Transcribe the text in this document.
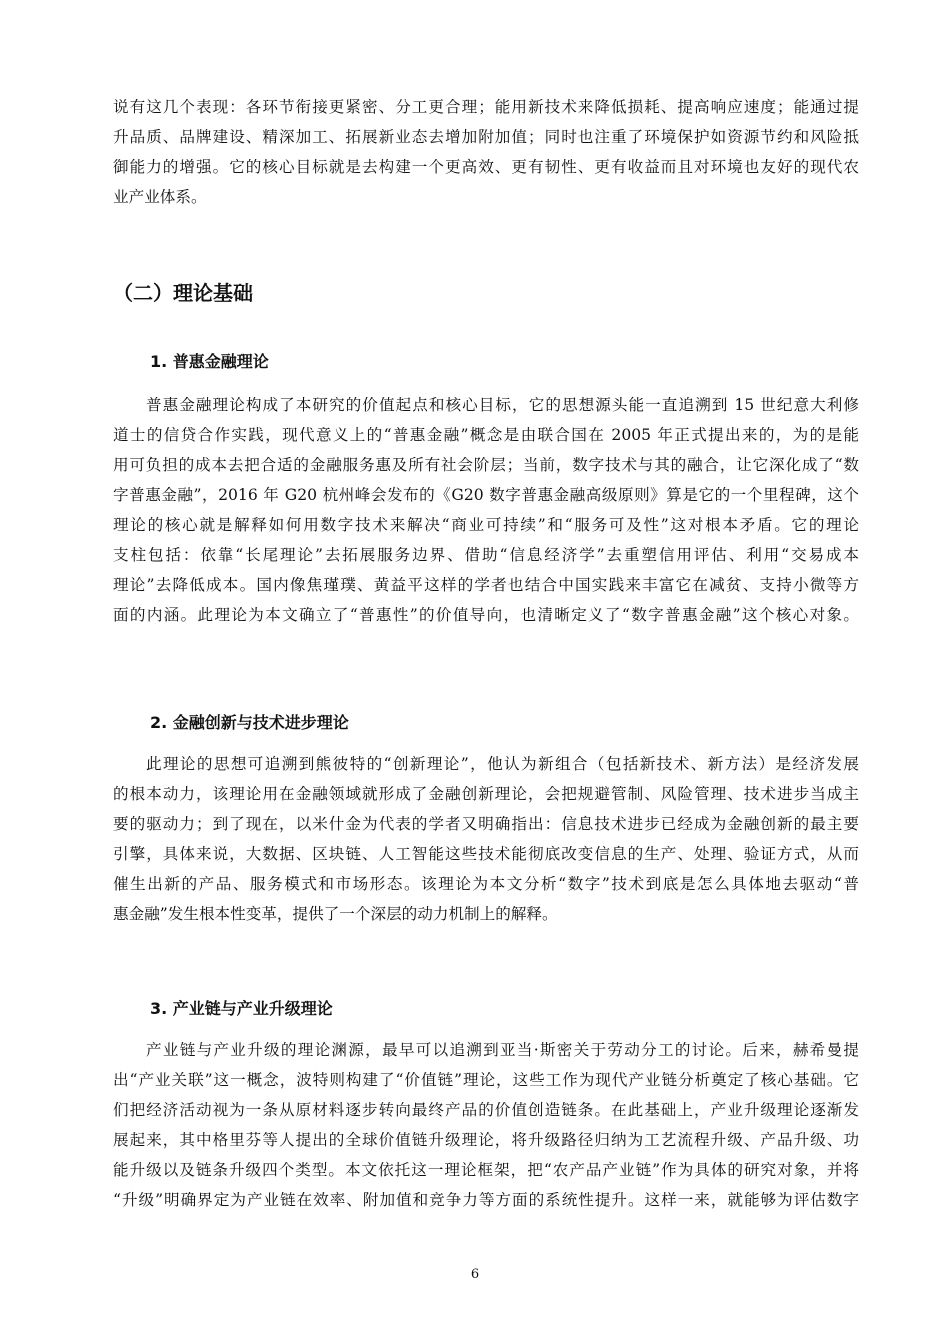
说有这几个表现：各环节衔接更紧密、分工更合理；能用新技术来降低损耗、提高响应速度；能通过提
升品质、品牌建设、精深加工、拓展新业态去增加附加值；同时也注重了环境保护如资源节约和风险抵
御能力的增强。它的核心目标就是去构建一个更高效、更有韧性、更有收益而且对环境也友好的现代农
业产业体系。
（二）理论基础
1. 普惠金融理论
普惠金融理论构成了本研究的价值起点和核心目标，它的思想源头能一直追溯到 15 世纪意大利修
道士的信贷合作实践，现代意义上的“普惠金融”概念是由联合国在 2005 年正式提出来的，为的是能
用可负担的成本去把合适的金融服务惠及所有社会阶层；当前，数字技术与其的融合，让它深化成了“数
字普惠金融”，2016 年 G20 杭州峰会发布的《G20 数字普惠金融高级原则》算是它的一个里程碑，这个
理论的核心就是解释如何用数字技术来解决“商业可持续”和“服务可及性”这对根本矛盾。它的理论
支柱包括：依靠“长尾理论”去拓展服务边界、借助“信息经济学”去重塑信用评估、利用“交易成本
理论”去降低成本。国内像焦瑾璞、黄益平这样的学者也结合中国实践来丰富它在减贫、支持小微等方
面的内涵。此理论为本文确立了“普惠性”的价值导向，也清晰定义了“数字普惠金融”这个核心对象。
2. 金融创新与技术进步理论
此理论的思想可追溯到熊彼特的“创新理论”，他认为新组合（包括新技术、新方法）是经济发展
的根本动力，该理论用在金融领域就形成了金融创新理论，会把规避管制、风险管理、技术进步当成主
要的驱动力；到了现在，以米什金为代表的学者又明确指出：信息技术进步已经成为金融创新的最主要
引擎，具体来说，大数据、区块链、人工智能这些技术能彻底改变信息的生产、处理、验证方式，从而
催生出新的产品、服务模式和市场形态。该理论为本文分析“数字”技术到底是怎么具体地去驱动“普
惠金融”发生根本性变革，提供了一个深层的动力机制上的解释。
3. 产业链与产业升级理论
产业链与产业升级的理论渊源，最早可以追溯到亚当·斯密关于劳动分工的讨论。后来，赫希曼提
出“产业关联”这一概念，波特则构建了“价值链”理论，这些工作为现代产业链分析奠定了核心基础。它
们把经济活动视为一条从原材料逐步转向最终产品的价值创造链条。在此基础上，产业升级理论逐渐发
展起来，其中格里芬等人提出的全球价值链升级理论，将升级路径归纳为工艺流程升级、产品升级、功
能升级以及链条升级四个类型。本文依托这一理论框架，把“农产品产业链”作为具体的研究对象，并将
“升级”明确界定为产业链在效率、附加值和竞争力等方面的系统性提升。这样一来，就能够为评估数字
6
